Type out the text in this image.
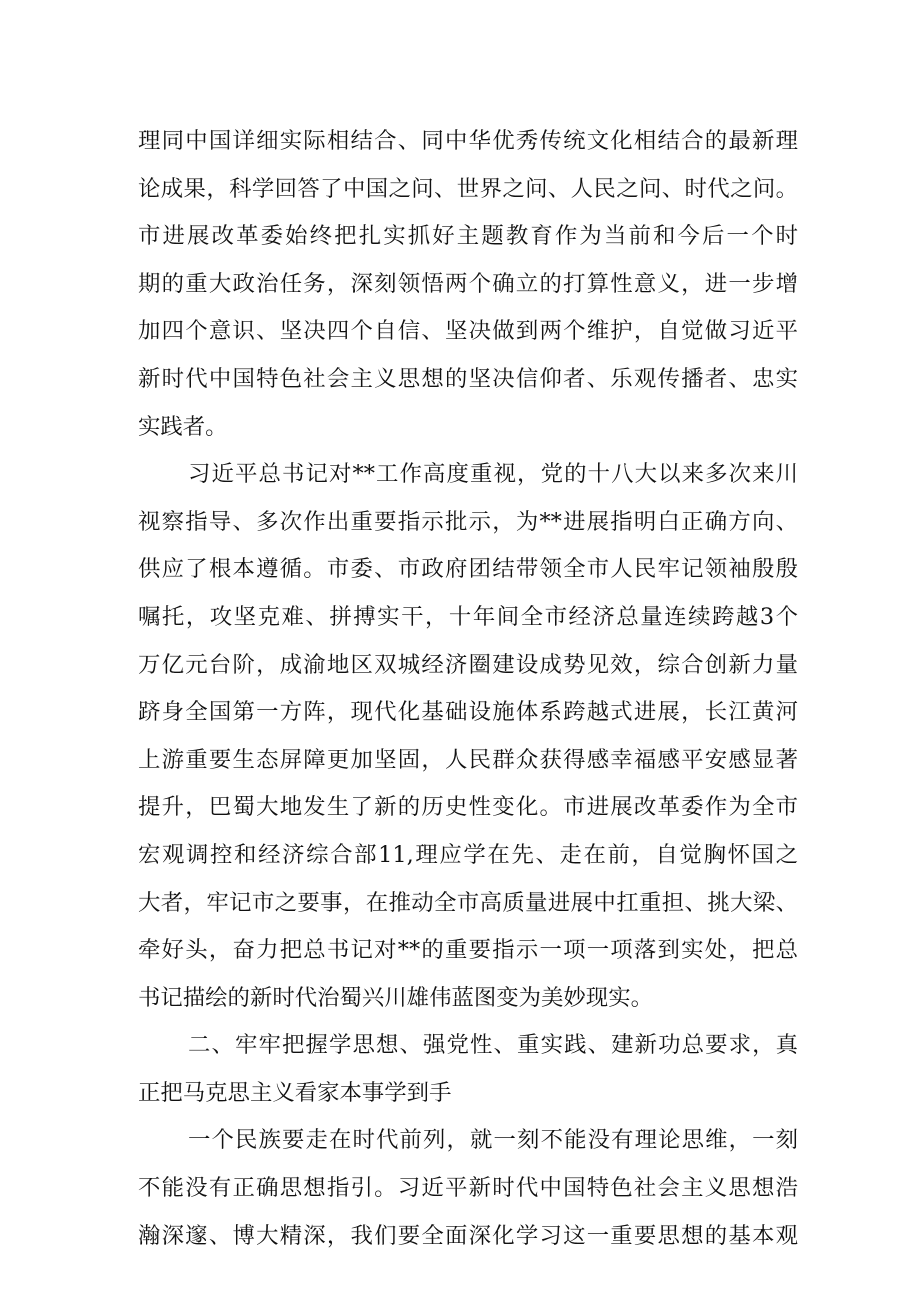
理同中国详细实际相结合、同中华优秀传统文化相结合的最新理
论成果，科学回答了中国之问、世界之问、人民之问、时代之问。
市进展改革委始终把扎实抓好主题教育作为当前和今后一个时
期的重大政治任务，深刻领悟两个确立的打算性意义，进一步增
加四个意识、坚决四个自信、坚决做到两个维护，自觉做习近平
新时代中国特色社会主义思想的坚决信仰者、乐观传播者、忠实
实践者。
习近平总书记对**工作高度重视，党的十八大以来多次来川
视察指导、多次作出重要指示批示，为**进展指明白正确方向、
供应了根本遵循。市委、市政府团结带领全市人民牢记领袖殷殷
嘱托，攻坚克难、拼搏实干，十年间全市经济总量连续跨越3个
万亿元台阶，成渝地区双城经济圈建设成势见效，综合创新力量
跻身全国第一方阵，现代化基础设施体系跨越式进展，长江黄河
上游重要生态屏障更加坚固，人民群众获得感幸福感平安感显著
提升，巴蜀大地发生了新的历史性变化。市进展改革委作为全市
宏观调控和经济综合部11,理应学在先、走在前，自觉胸怀国之
大者，牢记市之要事，在推动全市高质量进展中扛重担、挑大梁、
牵好头，奋力把总书记对**的重要指示一项一项落到实处，把总
书记描绘的新时代治蜀兴川雄伟蓝图变为美妙现实。
二、牢牢把握学思想、强党性、重实践、建新功总要求，真
正把马克思主义看家本事学到手
一个民族要走在时代前列，就一刻不能没有理论思维，一刻
不能没有正确思想指引。习近平新时代中国特色社会主义思想浩
瀚深邃、博大精深，我们要全面深化学习这一重要思想的基本观
